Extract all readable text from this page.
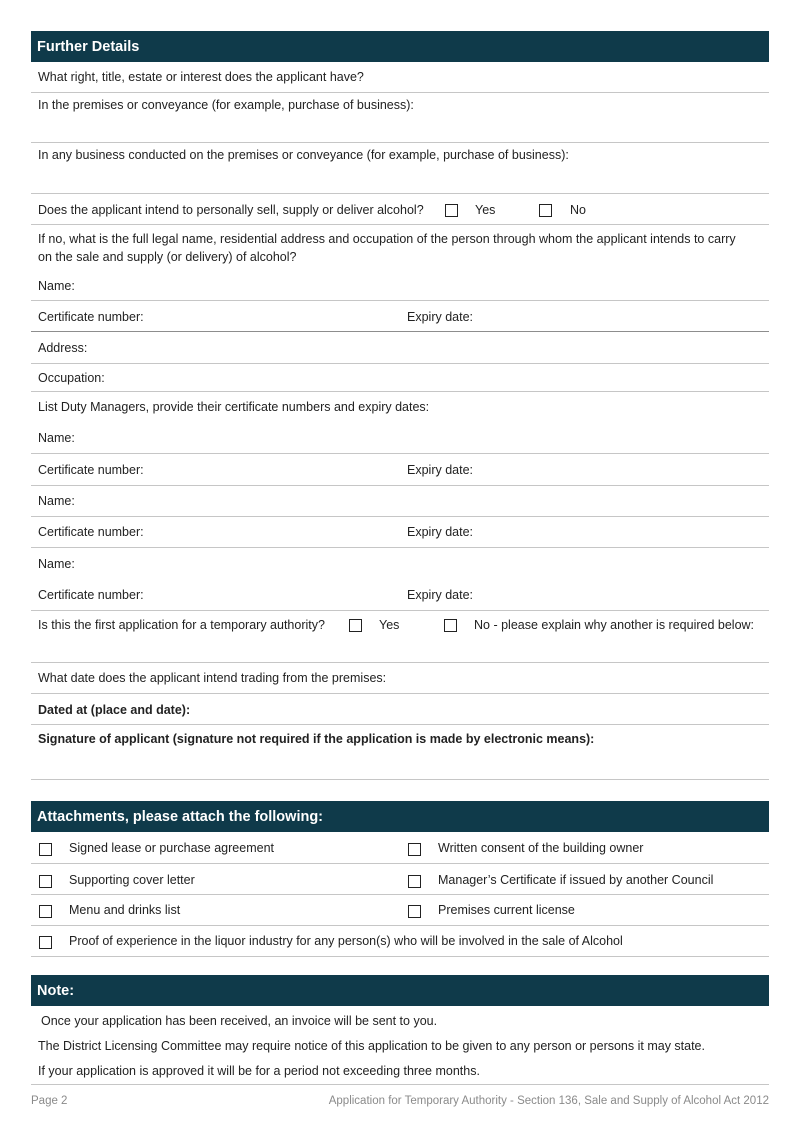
Further Details
What right, title, estate or interest does the applicant have?
In the premises or conveyance (for example, purchase of business):
In any business conducted on the premises or conveyance (for example, purchase of business):
Does the applicant intend to personally sell, supply or deliver alcohol?	Yes	No
If no, what is the full legal name, residential address and occupation of the person through whom the applicant intends to carry
on the sale and supply (or delivery) of alcohol?
Name:
Certificate number:	Expiry date:
Address:
Occupation:
List Duty Managers, provide their certificate numbers and expiry dates:
Name:
Certificate number:	Expiry date:
Name:
Certificate number:	Expiry date:
Name:
Certificate number:	Expiry date:
Is this the first application for a temporary authority?	Yes	No - please explain why another is required below:
What date does the applicant intend trading from the premises:
Dated at (place and date):
Signature of applicant (signature not required if the application is made by electronic means):
Attachments, please attach the following:
Signed lease or purchase agreement	Written consent of the building owner
Supporting cover letter	Manager’s Certificate if issued by another Council
Menu and drinks list	Premises current license
Proof of experience in the liquor industry for any person(s) who will be involved in the sale of Alcohol
Note:
Once your application has been received, an invoice will be sent to you.
The District Licensing Committee may require notice of this application to be given to any person or persons it may state.
If your application is approved it will be for a period not exceeding three months.
Page 2	Application for Temporary Authority - Section 136, Sale and Supply of Alcohol Act 2012
